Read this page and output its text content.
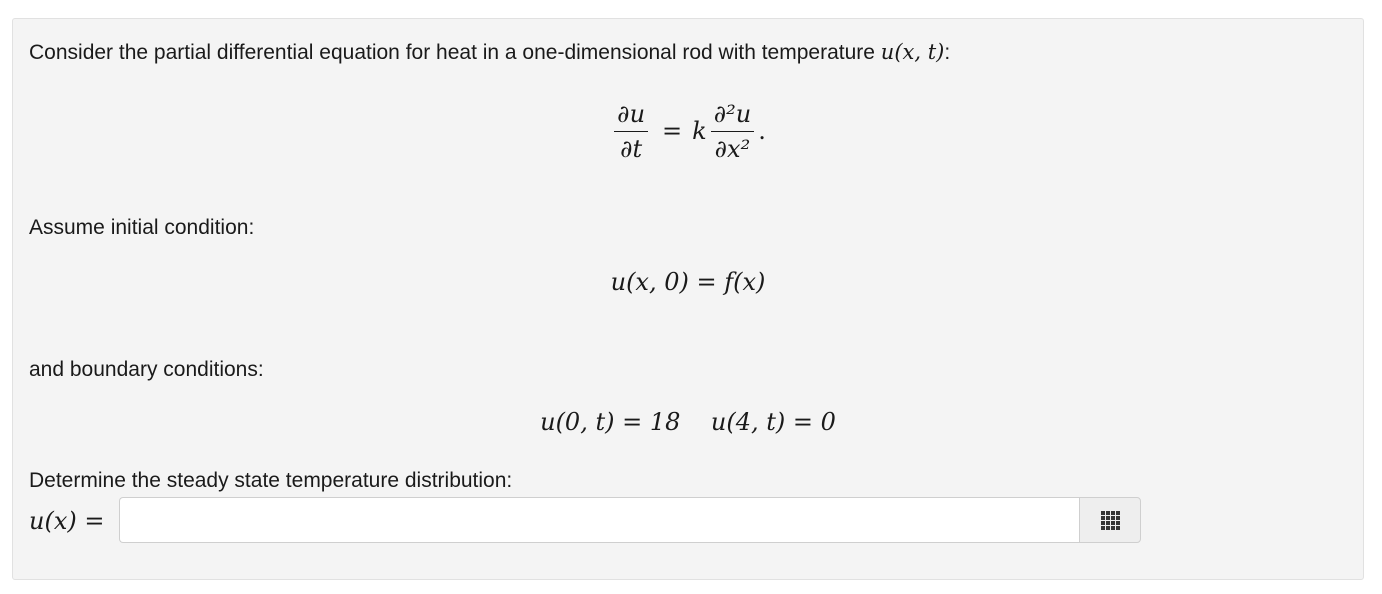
Consider the partial differential equation for heat in a one-dimensional rod with temperature u(x, t):
$\frac{\partial u}{\partial t} = k \frac{\text{∂²u}}{\text{∂x²}}$ .
Assume initial condition:
u(x, 0) = f(x)
and boundary conditions:
u(0, t) = 18    u(4, t) = 0
Determine the steady state temperature distribution:
u(x) =
